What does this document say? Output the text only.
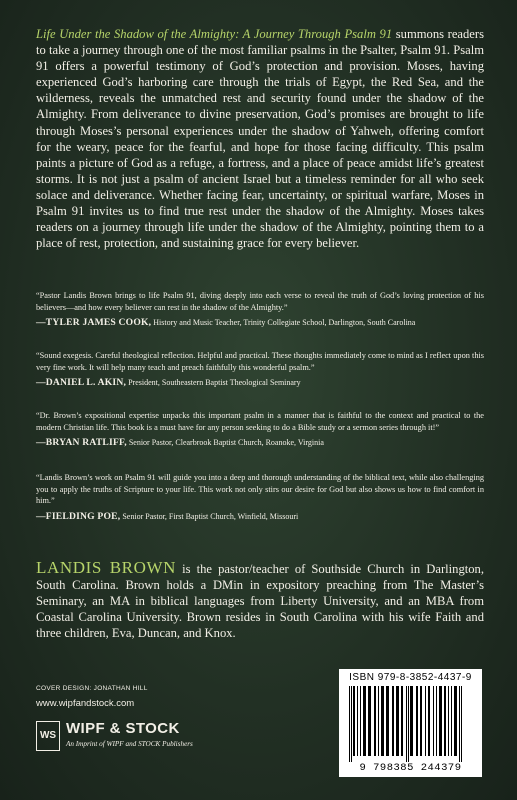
Life Under the Shadow of the Almighty: A Journey Through Psalm 91 summons readers to take a journey through one of the most familiar psalms in the Psalter, Psalm 91. Psalm 91 offers a powerful testimony of God’s protection and provision. Moses, having experienced God’s harboring care through the trials of Egypt, the Red Sea, and the wilderness, reveals the unmatched rest and security found under the shadow of the Almighty. From deliverance to divine preservation, God’s promises are brought to life through Moses’s personal experiences under the shadow of Yahweh, offering comfort for the weary, peace for the fearful, and hope for those facing difficulty. This psalm paints a picture of God as a refuge, a fortress, and a place of peace amidst life’s greatest storms. It is not just a psalm of ancient Israel but a timeless reminder for all who seek solace and deliverance. Whether facing fear, uncertainty, or spiritual warfare, Moses in Psalm 91 invites us to find true rest under the shadow of the Almighty. Moses takes readers on a journey through life under the shadow of the Almighty, pointing them to a place of rest, protection, and sustaining grace for every believer.

“Pastor Landis Brown brings to life Psalm 91, diving deeply into each verse to reveal the truth of God’s loving protection of his believers—and how every believer can rest in the shadow of the Almighty.”

—TYLER JAMES COOK, History and Music Teacher, Trinity Collegiate School, Darlington, South Carolina

“Sound exegesis. Careful theological reflection. Helpful and practical. These thoughts immediately come to mind as I reflect upon this very fine work. It will help many teach and preach faithfully this wonderful psalm.”

—DANIEL L. AKIN, President, Southeastern Baptist Theological Seminary

“Dr. Brown’s expositional expertise unpacks this important psalm in a manner that is faithful to the context and practical to the modern Christian life. This book is a must have for any person seeking to do a Bible study or a sermon series through it!”

—BRYAN RATLIFF, Senior Pastor, Clearbrook Baptist Church, Roanoke, Virginia

“Landis Brown’s work on Psalm 91 will guide you into a deep and thorough understanding of the biblical text, while also challenging you to apply the truths of Scripture to your life. This work not only stirs our desire for God but also shows us how to find comfort in him.”

—FIELDING POE, Senior Pastor, First Baptist Church, Winfield, Missouri

LANDIS BROWN is the pastor/teacher of Southside Church in Darlington, South Carolina. Brown holds a DMin in expository preaching from The Master’s Seminary, an MA in biblical languages from Liberty University, and an MBA from Coastal Carolina University. Brown resides in South Carolina with his wife Faith and three children, Eva, Duncan, and Knox.

COVER DESIGN: JONATHAN HILL
www.wipfandstock.com
WS WIPF & STOCK
An Imprint of WIPF and STOCK Publishers
ISBN 979-8-3852-4437-9
9 798385 244379
